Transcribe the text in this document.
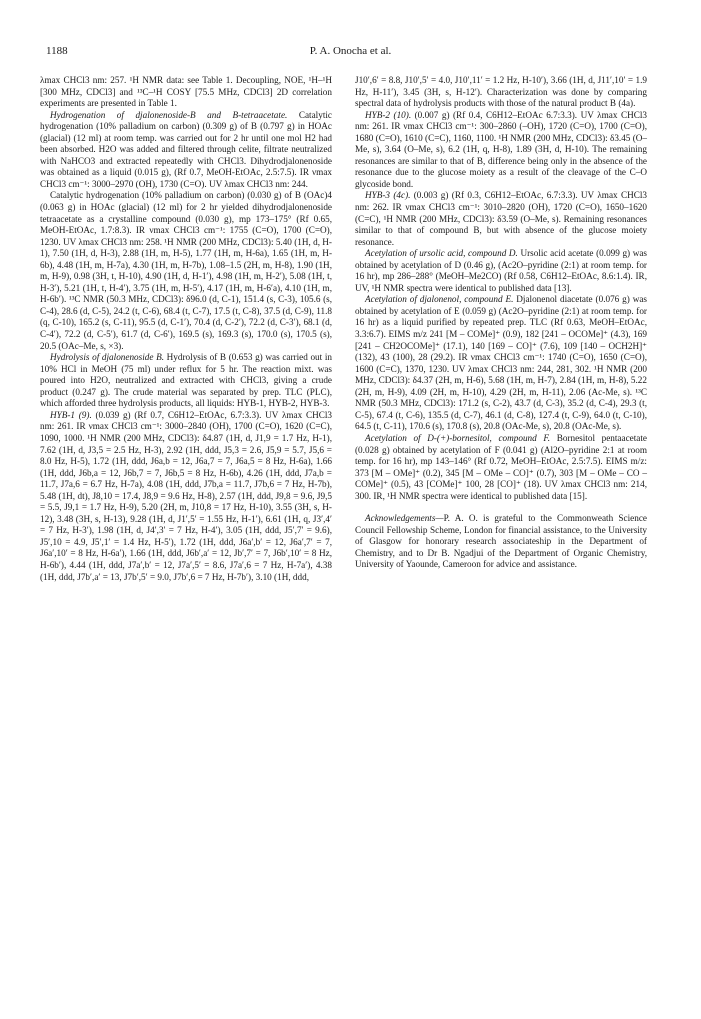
1188	P. A. Onocha et al.

λmax CHCl3 nm: 257. ¹H NMR data: see Table 1. Decoupling, NOE, ¹H–¹H [300 MHz, CDCl3] and ¹³C–¹H COSY [75.5 MHz, CDCl3] 2D correlation experiments are presented in Table 1.

Hydrogenation of djalonenoside-B and B-tetraacetate. Catalytic hydrogenation (10% palladium on carbon) (0.309 g) of B (0.797 g) in HOAc (glacial) (12 ml) at room temp. was carried out for 2 hr until one mol H2 had been absorbed. H2O was added and filtered through celite, filtrate neutralized with NaHCO3 and extracted repeatedly with CHCl3. Dihydrodjalonenoside was obtained as a liquid (0.015 g), (Rf 0.7, MeOH-EtOAc, 2.5:7.5). IR νmax CHCl3 cm⁻¹: 3000–2970 (OH), 1730 (C=O). UV λmax CHCl3 nm: 244.

Catalytic hydrogenation (10% palladium on carbon) (0.030 g) of B (OAc)4 (0.063 g) in HOAc (glacial) (12 ml) for 2 hr yielded dihydrodjalonenoside tetraacetate as a crystalline compound (0.030 g), mp 173–175° (Rf 0.65, MeOH-EtOAc, 1.7:8.3). IR νmax CHCl3 cm⁻¹: 1755 (C=O), 1700 (C=O), 1230. UV λmax CHCl3 nm: 258. ¹H NMR (200 MHz, CDCl3): 5.40 (1H, d, H-1), 7.50 (1H, d, H-3), 2.88 (1H, m, H-5), 1.77 (1H, m, H-6a), 1.65 (1H, m, H-6b), 4.48 (1H, m, H-7a), 4.30 (1H, m, H-7b), 1.08–1.5 (2H, m, H-8), 1.90 (1H, m, H-9), 0.98 (3H, t, H-10), 4.90 (1H, d, H-1′), 4.98 (1H, m, H-2′), 5.08 (1H, t, H-3′), 5.21 (1H, t, H-4′), 3.75 (1H, m, H-5′), 4.17 (1H, m, H-6′a), 4.10 (1H, m, H-6b′). ¹³C NMR (50.3 MHz, CDCl3): δ96.0 (d, C-1), 151.4 (s, C-3), 105.6 (s, C-4), 28.6 (d, C-5), 24.2 (t, C-6), 68.4 (t, C-7), 17.5 (t, C-8), 37.5 (d, C-9), 11.8 (q, C-10), 165.2 (s, C-11), 95.5 (d, C-1′), 70.4 (d, C-2′), 72.2 (d, C-3′), 68.1 (d, C-4′), 72.2 (d, C-5′), 61.7 (d, C-6′), 169.5 (s), 169.3 (s), 170.0 (s), 170.5 (s), 20.5 (OAc–Me, s, ×3).

Hydrolysis of djalonenoside B. Hydrolysis of B (0.653 g) was carried out in 10% HCl in MeOH (75 ml) under reflux for 5 hr. The reaction mixt. was poured into H2O, neutralized and extracted with CHCl3, giving a crude product (0.247 g). The crude material was separated by prep. TLC (PLC), which afforded three hydrolysis products, all liquids: HYB-1, HYB-2, HYB-3.

HYB-1 (9). (0.039 g) (Rf 0.7, C6H12–EtOAc, 6.7:3.3). UV λmax CHCl3 nm: 261. IR νmax CHCl3 cm⁻¹: 3000–2840 (OH), 1700 (C=O), 1620 (C=C), 1090, 1000. ¹H NMR (200 MHz, CDCl3): δ4.87 (1H, d, J1,9 = 1.7 Hz, H-1), 7.62 (1H, d, J3,5 = 2.5 Hz, H-3), 2.92 (1H, ddd, J5,3 = 2.6, J5,9 = 5.7, J5,6 = 8.0 Hz, H-5), 1.72 (1H, ddd, J6a,b = 12, J6a,7 = 7, J6a,5 = 8 Hz, H-6a), 1.66 (1H, ddd, J6b,a = 12, J6b,7 = 7, J6b,5 = 8 Hz, H-6b), 4.26 (1H, ddd, J7a,b = 11.7, J7a,6 = 6.7 Hz, H-7a), 4.08 (1H, ddd, J7b,a = 11.7, J7b,6 = 7 Hz, H-7b), 5.48 (1H, dt), J8,10 = 17.4, J8,9 = 9.6 Hz, H-8), 2.57 (1H, ddd, J9,8 = 9.6, J9,5 = 5.5, J9,1 = 1.7 Hz, H-9), 5.20 (2H, m, J10,8 = 17 Hz, H-10), 3.55 (3H, s, H-12), 3.48 (3H, s, H-13), 9.28 (1H, d, J1′,5′ = 1.55 Hz, H-1′), 6.61 (1H, q, J3′,4′ = 7 Hz, H-3′), 1.98 (1H, d, J4′,3′ = 7 Hz, H-4′), 3.05 (1H, ddd, J5′,7′ = 9.6), J5′,10 = 4.9, J5′,1′ = 1.4 Hz, H-5′), 1.72 (1H, ddd, J6a′,b′ = 12, J6a′,7′ = 7, J6a′,10′ = 8 Hz, H-6a′), 1.66 (1H, ddd, J6b′,a′ = 12, Jb′,7′ = 7, J6b′,10′ = 8 Hz, H-6b′), 4.44 (1H, ddd, J7a′,b′ = 12, J7a′,5′ = 8.6, J7a′,6 = 7 Hz, H-7a′), 4.38 (1H, ddd, J7b′,a′ = 13, J7b′,5′ = 9.0, J7b′,6 = 7 Hz, H-7b′), 3.10 (1H, ddd,

J10′,6′ = 8.8, J10′,5′ = 4.0, J10′,11′ = 1.2 Hz, H-10′), 3.66 (1H, d, J11′,10′ = 1.9 Hz, H-11′), 3.45 (3H, s, H-12′). Characterization was done by comparing spectral data of hydrolysis products with those of the natural product B (4a).

HYB-2 (10). (0.007 g) (Rf 0.4, C6H12–EtOAc 6.7:3.3). UV λmax CHCl3 nm: 261. IR νmax CHCl3 cm⁻¹: 300–2860 (–OH), 1720 (C=O), 1700 (C=O), 1680 (C=O), 1610 (C=C), 1160, 1100. ¹H NMR (200 MHz, CDCl3): δ3.45 (O–Me, s), 3.64 (O–Me, s), 6.2 (1H, q, H-8), 1.89 (3H, d, H-10). The remaining resonances are similar to that of B, difference being only in the absence of the resonance due to the glucose moiety as a result of the cleavage of the C–O glycoside bond.

HYB-3 (4c). (0.003 g) (Rf 0.3, C6H12–EtOAc, 6.7:3.3). UV λmax CHCl3 nm: 262. IR νmax CHCl3 cm⁻¹: 3010–2820 (OH), 1720 (C=O), 1650–1620 (C=C), ¹H NMR (200 MHz, CDCl3): δ3.59 (O–Me, s). Remaining resonances similar to that of compound B, but with absence of the glucose moiety resonance.

Acetylation of ursolic acid, compound D. Ursolic acid acetate (0.099 g) was obtained by acetylation of D (0.46 g), (Ac2O–pyridine (2:1) at room temp. for 16 hr), mp 286–288° (MeOH–Me2CO) (Rf 0.58, C6H12–EtOAc, 8.6:1.4). IR, UV, ¹H NMR spectra were identical to published data [13].

Acetylation of djalonenol, compound E. Djalonenol diacetate (0.076 g) was obtained by acetylation of E (0.059 g) (Ac2O–pyridine (2:1) at room temp. for 16 hr) as a liquid purified by repeated prep. TLC (Rf 0.63, MeOH–EtOAc, 3.3:6.7). EIMS m/z 241 [M – COMe]⁺ (0.9), 182 [241 – OCOMe]⁺ (4.3), 169 [241 – CH2OCOMe]⁺ (17.1), 140 [169 – CO]⁺ (7.6), 109 [140 – OCH2H]⁺ (132), 43 (100), 28 (29.2). IR νmax CHCl3 cm⁻¹: 1740 (C=O), 1650 (C=O), 1600 (C=C), 1370, 1230. UV λmax CHCl3 nm: 244, 281, 302. ¹H NMR (200 MHz, CDCl3): δ4.37 (2H, m, H-6), 5.68 (1H, m, H-7), 2.84 (1H, m, H-8), 5.22 (2H, m, H-9), 4.09 (2H, m, H-10), 4.29 (2H, m, H-11), 2.06 (Ac-Me, s). ¹³C NMR (50.3 MHz, CDCl3): 171.2 (s, C-2), 43.7 (d, C-3), 35.2 (d, C-4), 29.3 (t, C-5), 67.4 (t, C-6), 135.5 (d, C-7), 46.1 (d, C-8), 127.4 (t, C-9), 64.0 (t, C-10), 64.5 (t, C-11), 170.6 (s), 170.8 (s), 20.8 (OAc-Me, s), 20.8 (OAc-Me, s).

Acetylation of D-(+)-bornesitol, compound F. Bornesitol pentaacetate (0.028 g) obtained by acetylation of F (0.041 g) (Al2O–pyridine 2:1 at room temp. for 16 hr), mp 143–146° (Rf 0.72, MeOH–EtOAc, 2.5:7.5). EIMS m/z: 373 [M – OMe]⁺ (0.2), 345 [M – OMe – CO]⁺ (0.7), 303 [M – OMe – CO – COMe]⁺ (0.5), 43 [COMe]⁺ 100, 28 [CO]⁺ (18). UV λmax CHCl3 nm: 214, 300. IR, ¹H NMR spectra were identical to published data [15].

Acknowledgements—P. A. O. is grateful to the Commonweath Science Council Fellowship Scheme, London for financial assistance, to the University of Glasgow for honorary research associateship in the Department of Chemistry, and to Dr B. Ngadjui of the Department of Organic Chemistry, University of Yaounde, Cameroon for advice and assistance.
